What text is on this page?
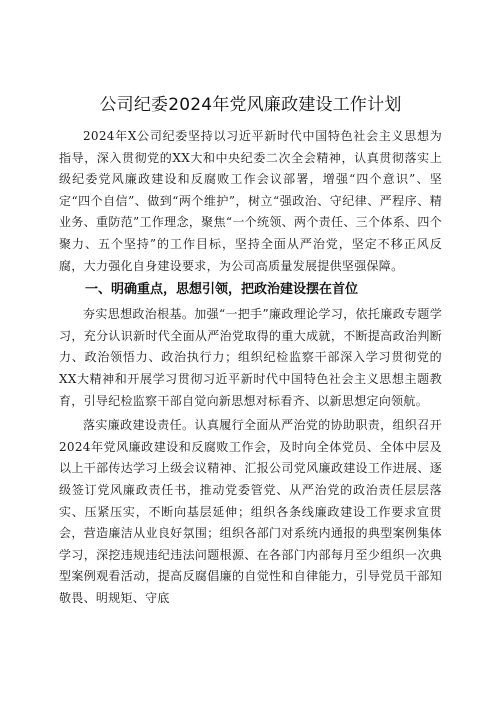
公司纪委2024年党风廉政建设工作计划

2024年X公司纪委坚持以习近平新时代中国特色社会主义思想为指导，深入贯彻党的XX大和中央纪委二次全会精神，认真贯彻落实上级纪委党风廉政建设和反腐败工作会议部署，增强“四个意识”、坚定“四个自信”、做到“两个维护”，树立“强政治、守纪律、严程序、精业务、重防范”工作理念，聚焦“一个统领、两个责任、三个体系、四个聚力、五个坚持”的工作目标，坚持全面从严治党，坚定不移正风反腐，大力强化自身建设要求，为公司高质量发展提供坚强保障。

一、明确重点，思想引领，把政治建设摆在首位

夯实思想政治根基。加强“一把手”廉政理论学习，依托廉政专题学习，充分认识新时代全面从严治党取得的重大成就，不断提高政治判断力、政治领悟力、政治执行力；组织纪检监察干部深入学习贯彻党的XX大精神和开展学习贯彻习近平新时代中国特色社会主义思想主题教育，引导纪检监察干部自觉向新思想对标看齐、以新思想定向领航。

落实廉政建设责任。认真履行全面从严治党的协助职责，组织召开2024年党风廉政建设和反腐败工作会，及时向全体党员、全体中层及以上干部传达学习上级会议精神、汇报公司党风廉政建设工作进展、逐级签订党风廉政责任书，推动党委管党、从严治党的政治责任层层落实、压紧压实，不断向基层延伸；组织各条线廉政建设工作要求宣贯会，营造廉洁从业良好氛围；组织各部门对系统内通报的典型案例集体学习，深挖违规违纪违法问题根源、在各部门内部每月至少组织一次典型案例观看活动，提高反腐倡廉的自觉性和自律能力，引导党员干部知敬畏、明规矩、守底
